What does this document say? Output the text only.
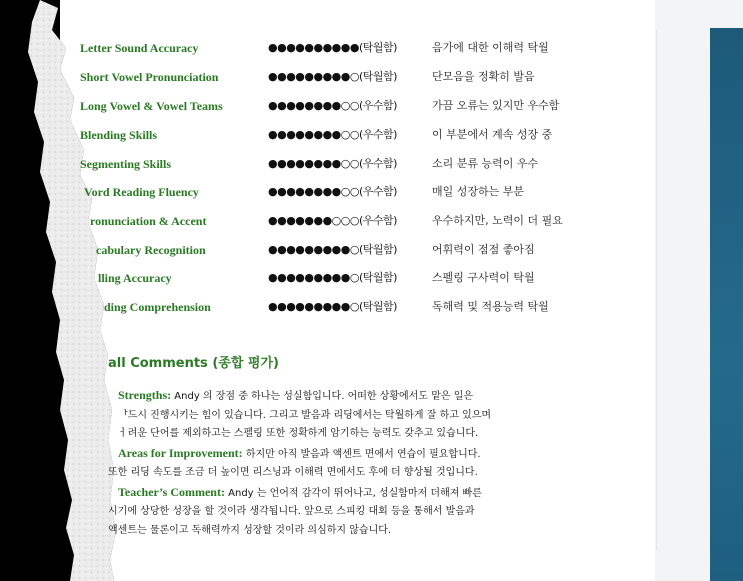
Letter Sound Accuracy	●●●●●●●●●●(탁월함)	음가에 대한 이해력 탁월
Short Vowel Pronunciation	●●●●●●●●●○(탁월함)	단모음을 정확히 발음
Long Vowel & Vowel Teams	●●●●●●●●○○(우수함)	가끔 오류는 있지만 우수함
Blending Skills	●●●●●●●●○○(우수함)	이 부분에서 계속 성장 중
Segmenting Skills	●●●●●●●●○○(우수함)	소리 분류 능력이 우수
Vord Reading Fluency	●●●●●●●●○○(우수함)	매일 성장하는 부분
ronunciation & Accent	●●●●●●●○○○(우수함)	우수하지만, 노력이 더 필요
cabulary Recognition	●●●●●●●●●○(탁월함)	어휘력이 점점 좋아짐
lling Accuracy	●●●●●●●●●○(탁월함)	스펠링 구사력이 탁월
ding Comprehension	●●●●●●●●●○(탁월함)	독해력 및 적용능력 탁월
all Comments (종합 평가)
Strengths: Andy 의 장점 중 하나는 성실함입니다. 어떠한 상황에서도 맡은 일은
ᅡ드시 진행시키는 힘이 있습니다. 그리고 발음과 리딩에서는 탁월하게 잘 하고 있으며
ㅓ려운 단어를 제외하고는 스펠링 또한 정확하게 암기하는 능력도 갖추고 있습니다.
Areas for Improvement: 하지만 아직 발음과 액센트 면에서 연습이 필요합니다.
또한 리딩 속도를 조금 더 높이면 리스닝과 이해력 면에서도 후에 더 향상될 것입니다.
Teacher’s Comment: Andy 는 언어적 감각이 뛰어나고, 성실함마저 더해져 빠른
시기에 상당한 성장을 할 것이라 생각됩니다. 앞으로 스피킹 대회 등을 통해서 발음과
액센트는 물론이고 독해력까지 성장할 것이라 의심하지 않습니다.
